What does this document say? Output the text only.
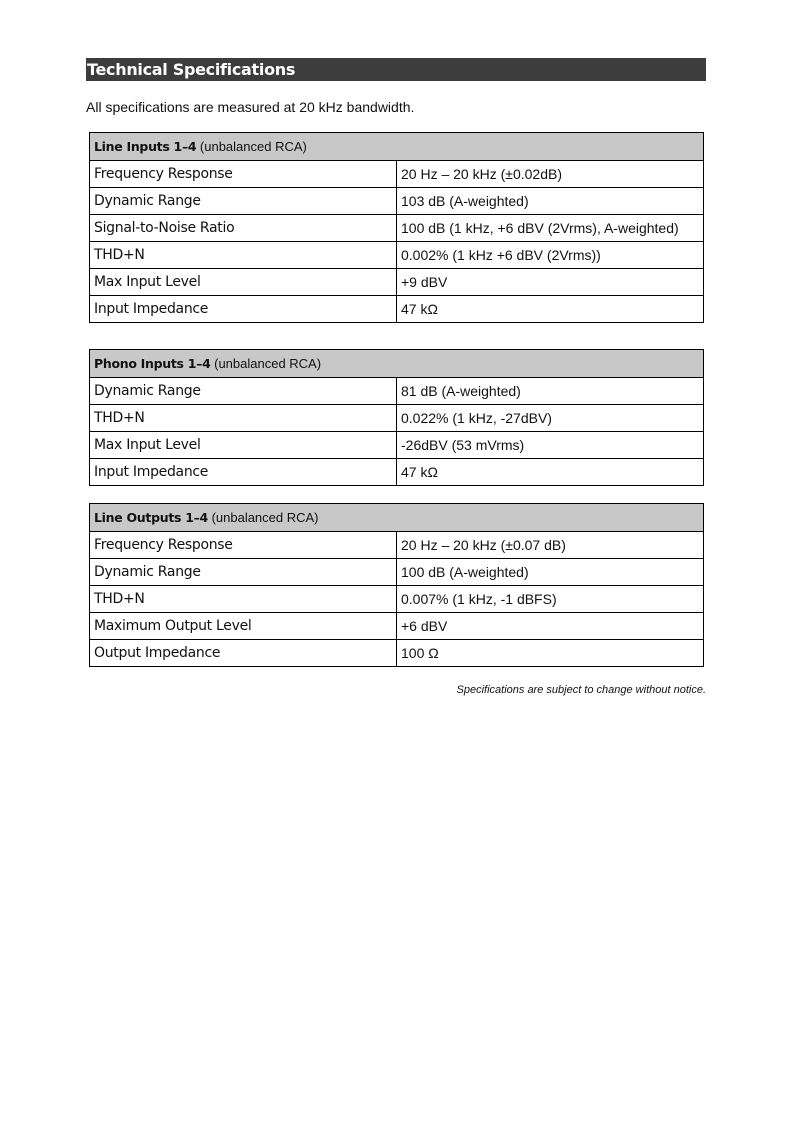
Technical Specifications
All specifications are measured at 20 kHz bandwidth.
Line Inputs 1–4 (unbalanced RCA)	
Frequency Response	20 Hz – 20 kHz (±0.02dB)
Dynamic Range	103 dB (A-weighted)
Signal-to-Noise Ratio	100 dB (1 kHz, +6 dBV (2Vrms), A-weighted)
THD+N	0.002% (1 kHz +6 dBV (2Vrms))
Max Input Level	+9 dBV
Input Impedance	47 kΩ
Phono Inputs 1–4 (unbalanced RCA)	
Dynamic Range	81 dB (A-weighted)
THD+N	0.022% (1 kHz, -27dBV)
Max Input Level	-26dBV (53 mVrms)
Input Impedance	47 kΩ
Line Outputs 1–4 (unbalanced RCA)	
Frequency Response	20 Hz – 20 kHz (±0.07 dB)
Dynamic Range	100 dB (A-weighted)
THD+N	0.007% (1 kHz, -1 dBFS)
Maximum Output Level	+6 dBV
Output Impedance	100 Ω
Specifications are subject to change without notice.
